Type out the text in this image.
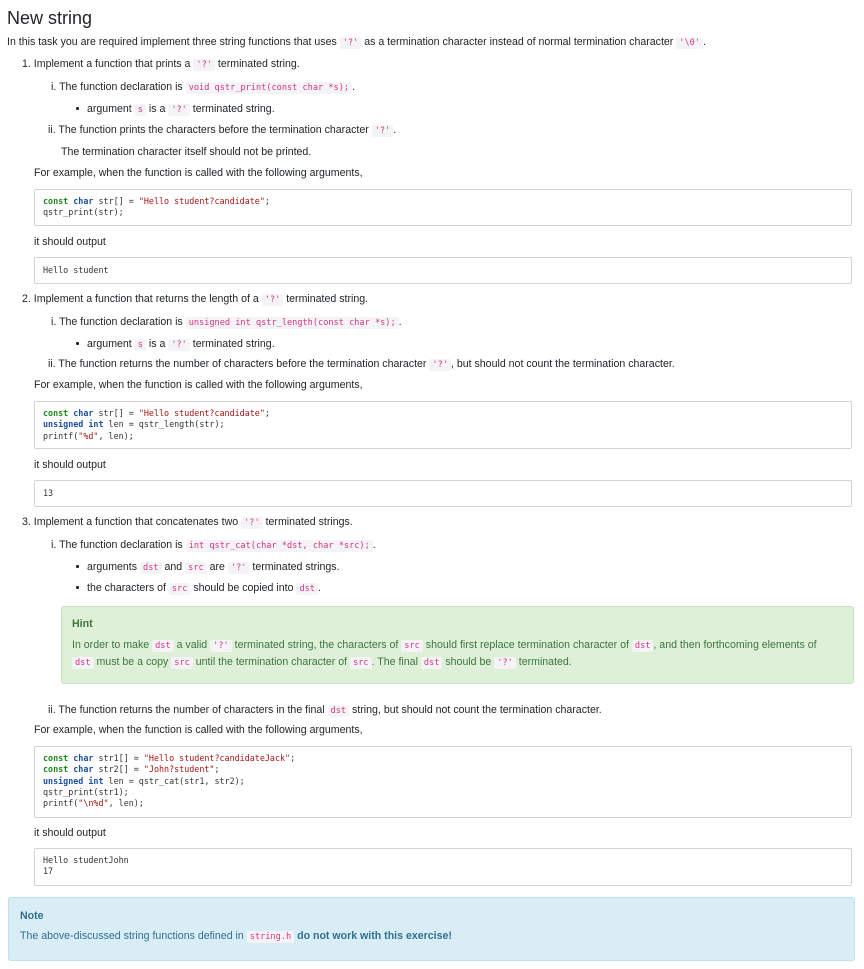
New string
In this task you are required implement three string functions that uses '?' as a termination character instead of normal termination character '\0' .
1. Implement a function that prints a '?' terminated string.
i. The function declaration is void qstr_print(const char *s); .
argument s is a '?' terminated string.
ii. The function prints the characters before the termination character '?' .
The termination character itself should not be printed.
For example, when the function is called with the following arguments,
const char str[] = "Hello student?candidate";
qstr_print(str);
it should output
Hello student
2. Implement a function that returns the length of a '?' terminated string.
i. The function declaration is unsigned int qstr_length(const char *s); .
argument s is a '?' terminated string.
ii. The function returns the number of characters before the termination character '?' , but should not count the termination character.
For example, when the function is called with the following arguments,
const char str[] = "Hello student?candidate";
unsigned int len = qstr_length(str);
printf("%d", len);
it should output
13
3. Implement a function that concatenates two '?' terminated strings.
i. The function declaration is int qstr_cat(char *dst, char *src); .
arguments dst and src are '?' terminated strings.
the characters of src should be copied into dst .
Hint
In order to make dst a valid '?' terminated string, the characters of src should first replace termination character of dst , and then forthcoming elements of
dst must be a copy src until the termination character of src . The final dst should be '?' terminated.
ii. The function returns the number of characters in the final dst string, but should not count the termination character.
For example, when the function is called with the following arguments,
const char str1[] = "Hello student?candidateJack";
const char str2[] = "John?student";
unsigned int len = qstr_cat(str1, str2);
qstr_print(str1);
printf("\n%d", len);
it should output
Hello studentJohn
17
Note
The above-discussed string functions defined in string.h do not work with this exercise!
